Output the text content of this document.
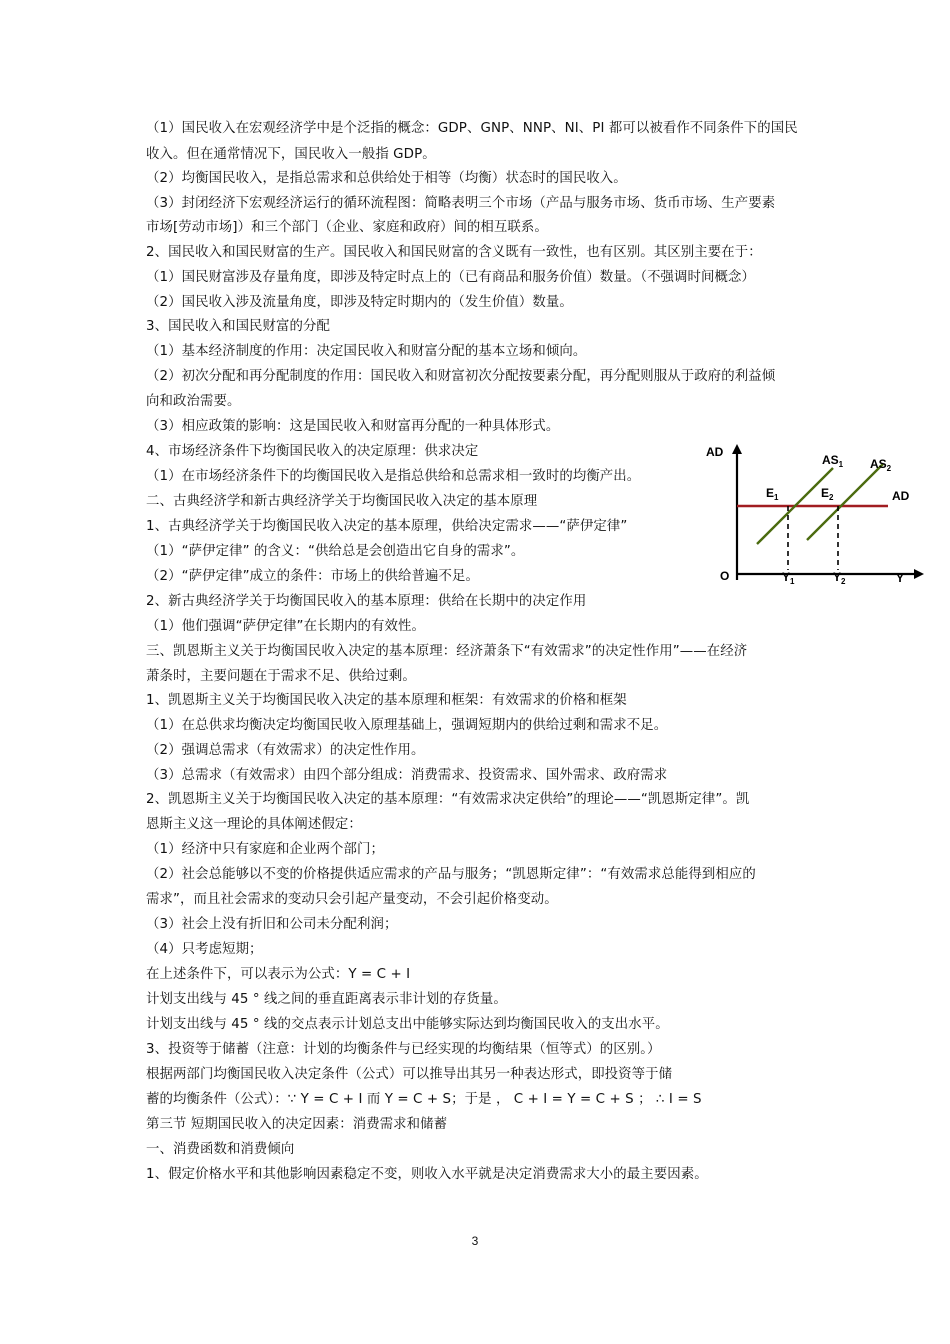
（1）国民收入在宏观经济学中是个泛指的概念：GDP、GNP、NNP、NI、PI 都可以被看作不同条件下的国民
收入。但在通常情况下，国民收入一般指 GDP。
（2）均衡国民收入，是指总需求和总供给处于相等（均衡）状态时的国民收入。
（3）封闭经济下宏观经济运行的循环流程图：简略表明三个市场（产品与服务市场、货币市场、生产要素
市场[劳动市场]）和三个部门（企业、家庭和政府）间的相互联系。
2、国民收入和国民财富的生产。国民收入和国民财富的含义既有一致性，也有区别。其区别主要在于：
（1）国民财富涉及存量角度，即涉及特定时点上的（已有商品和服务价值）数量。（不强调时间概念）
（2）国民收入涉及流量角度，即涉及特定时期内的（发生价值）数量。
3、国民收入和国民财富的分配
（1）基本经济制度的作用：决定国民收入和财富分配的基本立场和倾向。
（2）初次分配和再分配制度的作用：国民收入和财富初次分配按要素分配，再分配则服从于政府的利益倾
向和政治需要。
（3）相应政策的影响：这是国民收入和财富再分配的一种具体形式。
4、市场经济条件下均衡国民收入的决定原理：供求决定
（1）在市场经济条件下的均衡国民收入是指总供给和总需求相一致时的均衡产出。
二、古典经济学和新古典经济学关于均衡国民收入决定的基本原理
1、古典经济学关于均衡国民收入决定的基本原理，供给决定需求——“萨伊定律”
（1）“萨伊定律” 的含义：“供给总是会创造出它自身的需求”。
（2）“萨伊定律”成立的条件：市场上的供给普遍不足。
2、新古典经济学关于均衡国民收入的基本原理：供给在长期中的决定作用
（1）他们强调“萨伊定律”在长期内的有效性。
三、凯恩斯主义关于均衡国民收入决定的基本原理：经济萧条下“有效需求”的决定性作用”——在经济
萧条时，主要问题在于需求不足、供给过剩。
1、凯恩斯主义关于均衡国民收入决定的基本原理和框架：有效需求的价格和框架
（1）在总供求均衡决定均衡国民收入原理基础上，强调短期内的供给过剩和需求不足。
（2）强调总需求（有效需求）的决定性作用。
（3）总需求（有效需求）由四个部分组成：消费需求、投资需求、国外需求、政府需求
2、凯恩斯主义关于均衡国民收入决定的基本原理：“有效需求决定供给”的理论——“凯恩斯定律”。凯
恩斯主义这一理论的具体阐述假定：
（1）经济中只有家庭和企业两个部门；
（2）社会总能够以不变的价格提供适应需求的产品与服务；“凯恩斯定律”：“有效需求总能得到相应的
需求”，而且社会需求的变动只会引起产量变动，不会引起价格变动。
（3）社会上没有折旧和公司未分配利润；
（4）只考虑短期；
在上述条件下，可以表示为公式：Y = C + I
计划支出线与 45 ° 线之间的垂直距离表示非计划的存货量。
计划支出线与 45 ° 线的交点表示计划总支出中能够实际达到均衡国民收入的支出水平。
3、投资等于储蓄（注意：计划的均衡条件与已经实现的均衡结果（恒等式）的区别。）
根据两部门均衡国民收入决定条件（公式）可以推导出其另一种表达形式，即投资等于储
蓄的均衡条件（公式）：∵ Y = C + I 而 Y = C + S；于是 ， C + I = Y = C + S ； ∴ I = S
第三节 短期国民收入的决定因素：消费需求和储蓄
一、消费函数和消费倾向
1、假定价格水平和其他影响因素稳定不变，则收入水平就是决定消费需求大小的最主要因素。
AD
O	Y
AD
$AS_1$ $AS_2$
$E_1$	$E_2$
$Y_1$	$Y_2$
3
